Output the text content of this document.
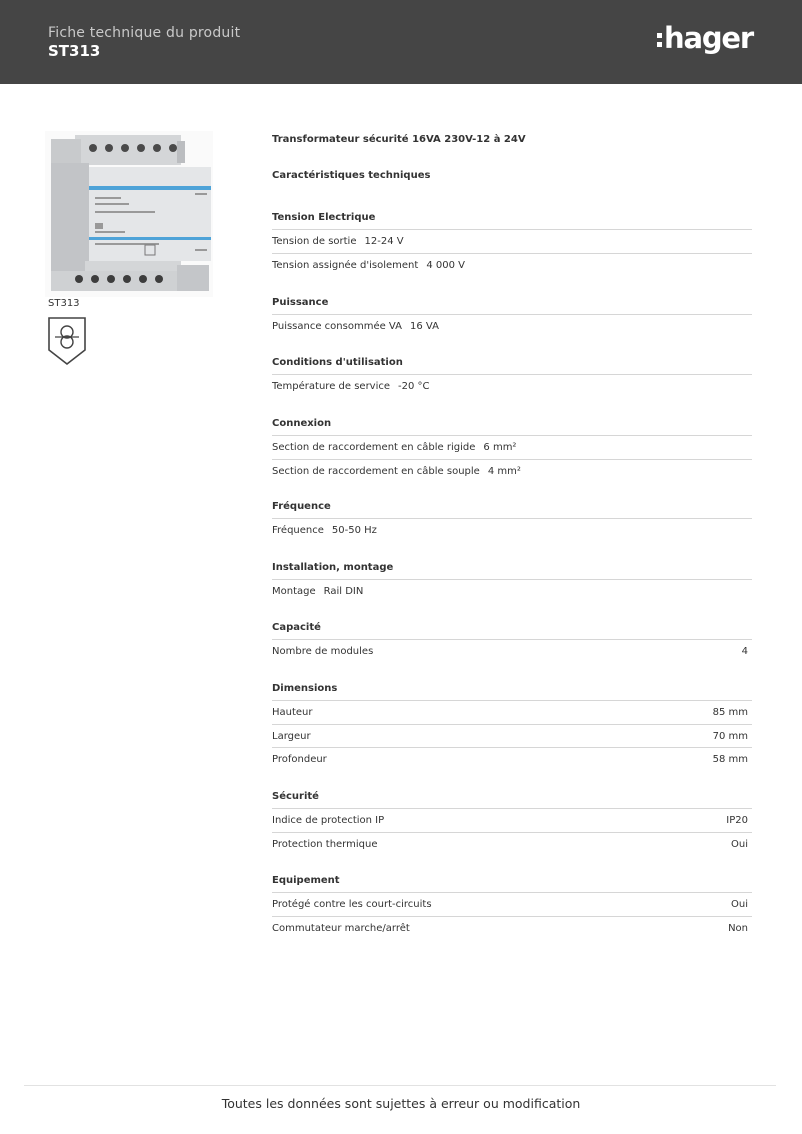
Fiche technique du produit
ST313	hager
ST313
Transformateur sécurité 16VA 230V-12 à 24V
Caractéristiques techniques
Tension Electrique
Tension de sortie 12-24 V
Tension assignée d'isolement 4 000 V
Puissance
Puissance consommée VA 16 VA
Conditions d'utilisation
Température de service -20 °C
Connexion
Section de raccordement en câble rigide 6 mm²
Section de raccordement en câble souple 4 mm²
Fréquence
Fréquence 50-50 Hz
Installation, montage
Montage Rail DIN
Capacité
Nombre de modules	4
Dimensions
Hauteur	85 mm
Largeur	70 mm
Profondeur	58 mm
Sécurité
Indice de protection IP	IP20
Protection thermique	Oui
Equipement
Protégé contre les court-circuits	Oui
Commutateur marche/arrêt	Non
Toutes les données sont sujettes à erreur ou modification
